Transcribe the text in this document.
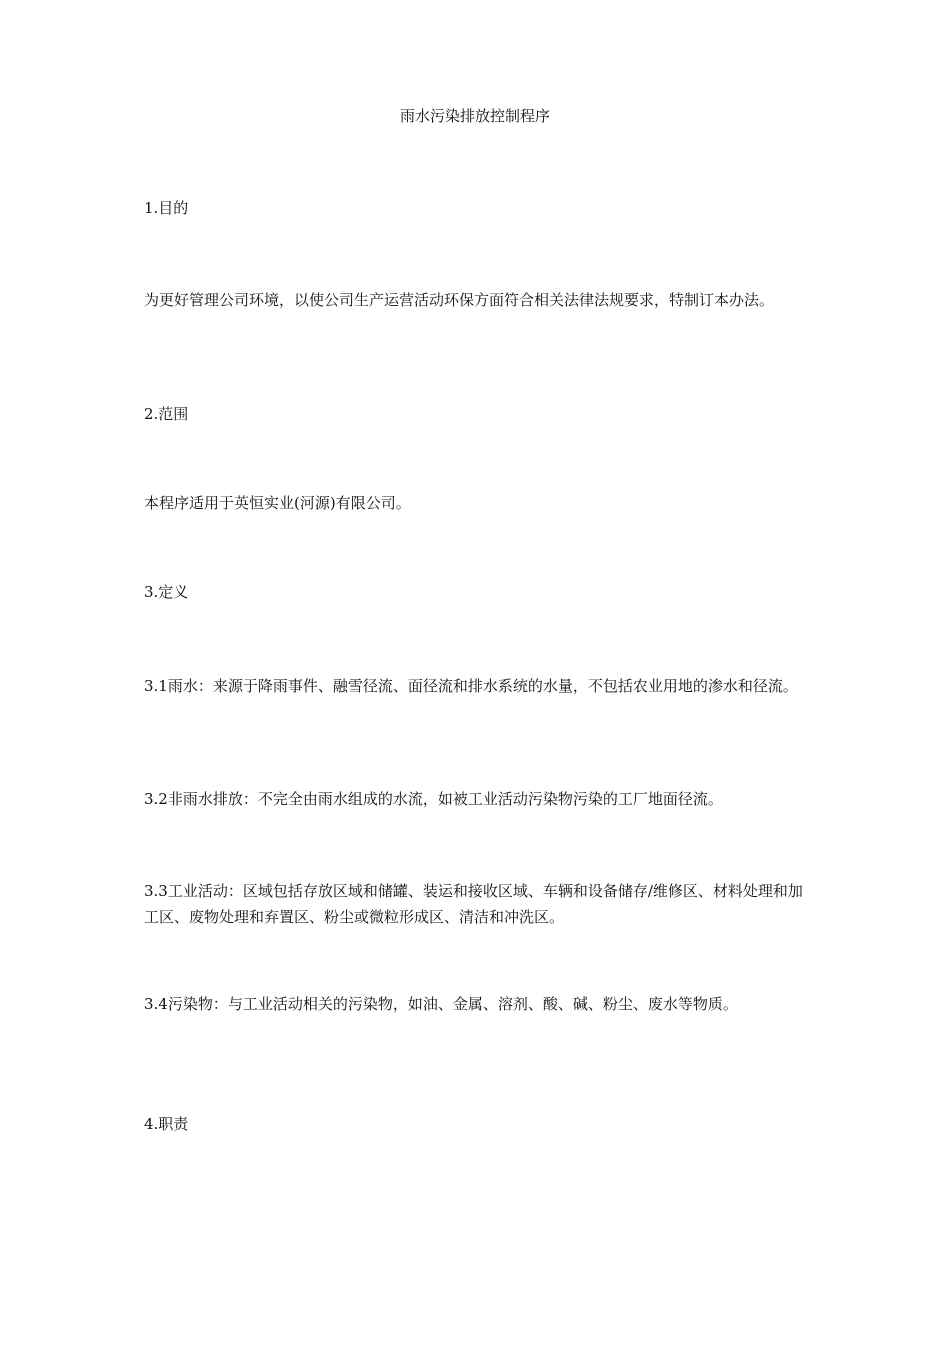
雨水污染排放控制程序
1.目的
为更好管理公司环境，以使公司生产运营活动环保方面符合相关法律法规要求，特制订本办法。
2.范围
本程序适用于英恒实业(河源)有限公司。
3.定义
3.1雨水：来源于降雨事件、融雪径流、面径流和排水系统的水量，不包括农业用地的渗水和径流。
3.2非雨水排放：不完全由雨水组成的水流，如被工业活动污染物污染的工厂地面径流。
3.3工业活动：区域包括存放区域和储罐、装运和接收区域、车辆和设备储存/维修区、材料处理和加工区、废物处理和弃置区、粉尘或微粒形成区、清洁和冲洗区。
3.4污染物：与工业活动相关的污染物，如油、金属、溶剂、酸、碱、粉尘、废水等物质。
4.职责
